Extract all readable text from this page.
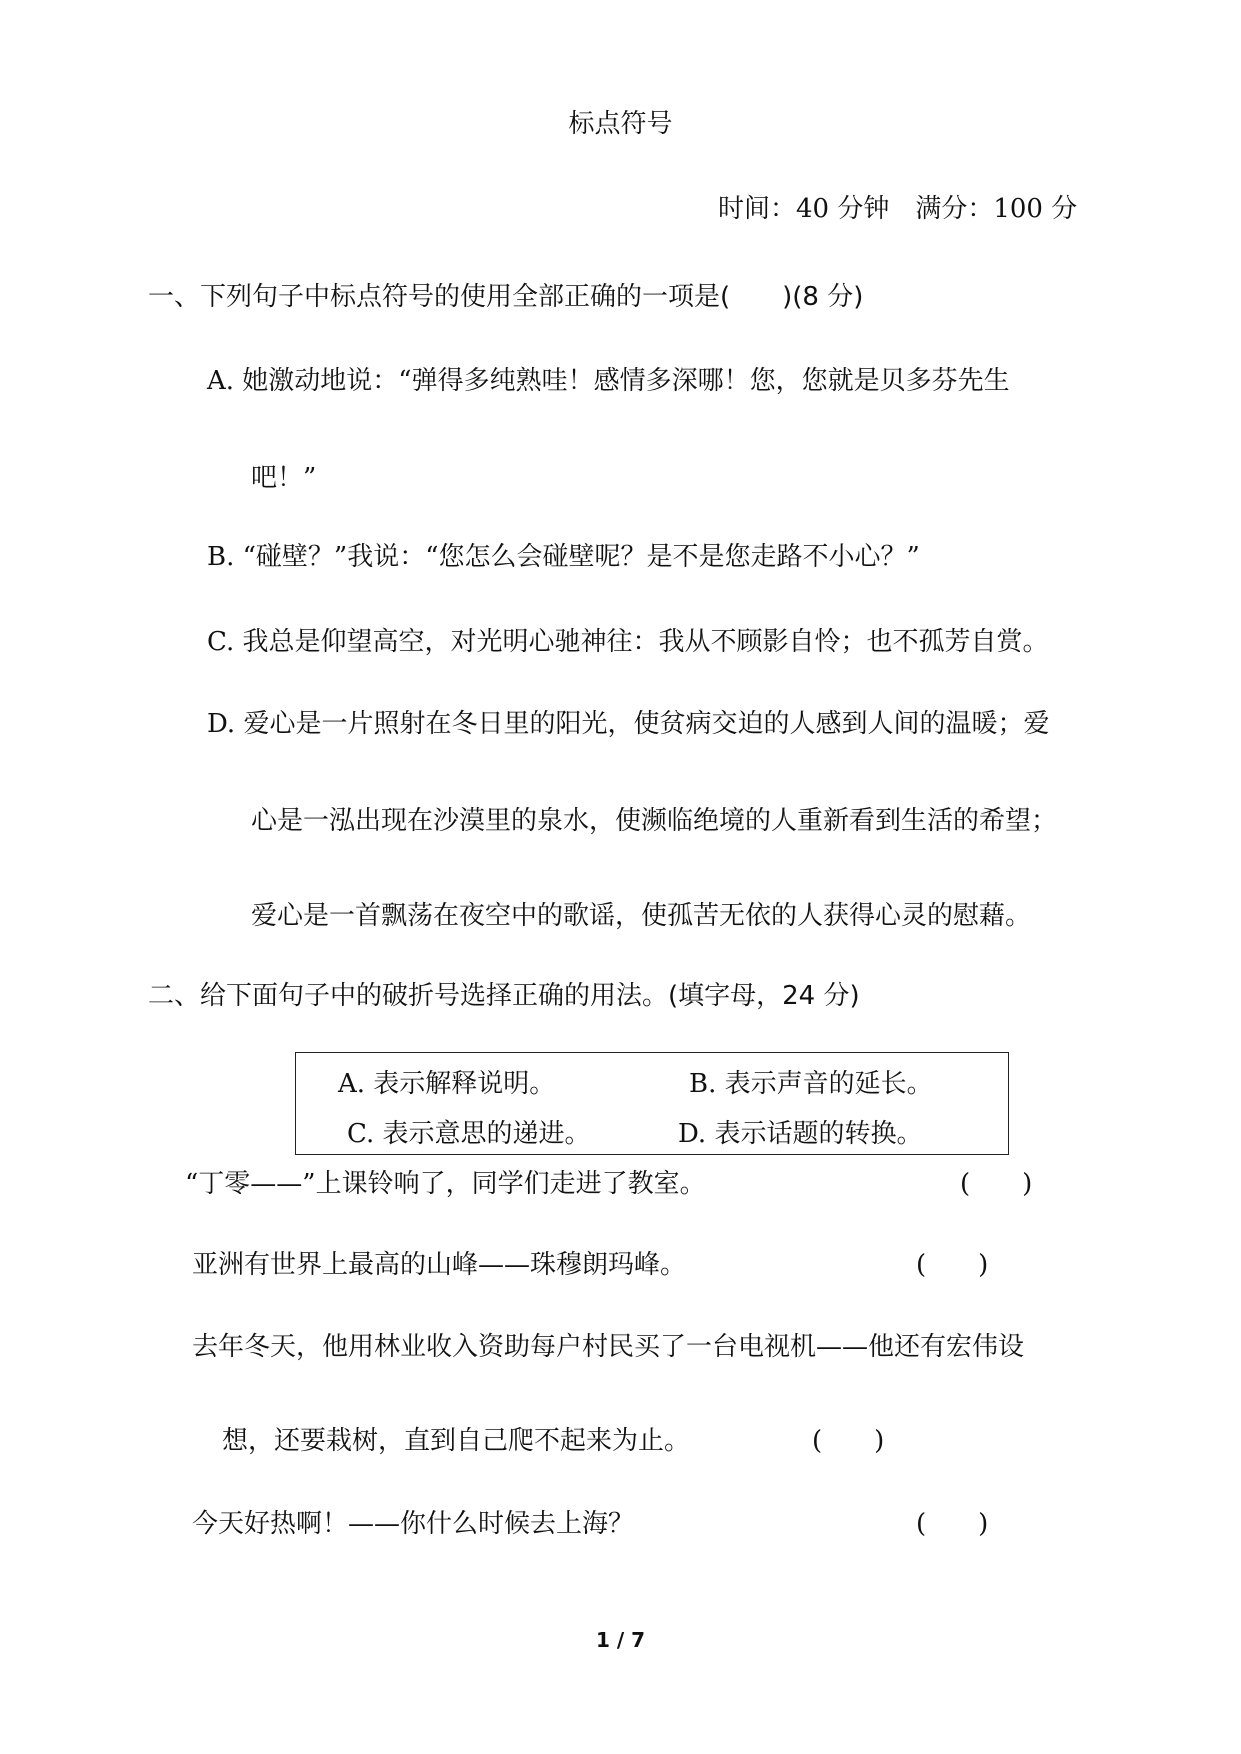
标点符号
时间：40 分钟　满分：100 分
一、下列句子中标点符号的使用全部正确的一项是(　　)(8 分)
A. 她激动地说：“弹得多纯熟哇！感情多深哪！您，您就是贝多芬先生
吧！”
B. “碰壁？”我说：“您怎么会碰壁呢？是不是您走路不小心？”
C. 我总是仰望高空，对光明心驰神往：我从不顾影自怜；也不孤芳自赏。
D. 爱心是一片照射在冬日里的阳光，使贫病交迫的人感到人间的温暖；爱
心是一泓出现在沙漠里的泉水，使濒临绝境的人重新看到生活的希望；
爱心是一首飘荡在夜空中的歌谣，使孤苦无依的人获得心灵的慰藉。
二、给下面句子中的破折号选择正确的用法。(填字母，24 分)
A. 表示解释说明。	B. 表示声音的延长。
C. 表示意思的递进。	D. 表示话题的转换。
“丁零——”上课铃响了，同学们走进了教室。	(　　)
亚洲有世界上最高的山峰——珠穆朗玛峰。	(　　)
去年冬天，他用林业收入资助每户村民买了一台电视机——他还有宏伟设
想，还要栽树，直到自己爬不起来为止。	(　　)
今天好热啊！——你什么时候去上海？	(　　)
1 / 7
